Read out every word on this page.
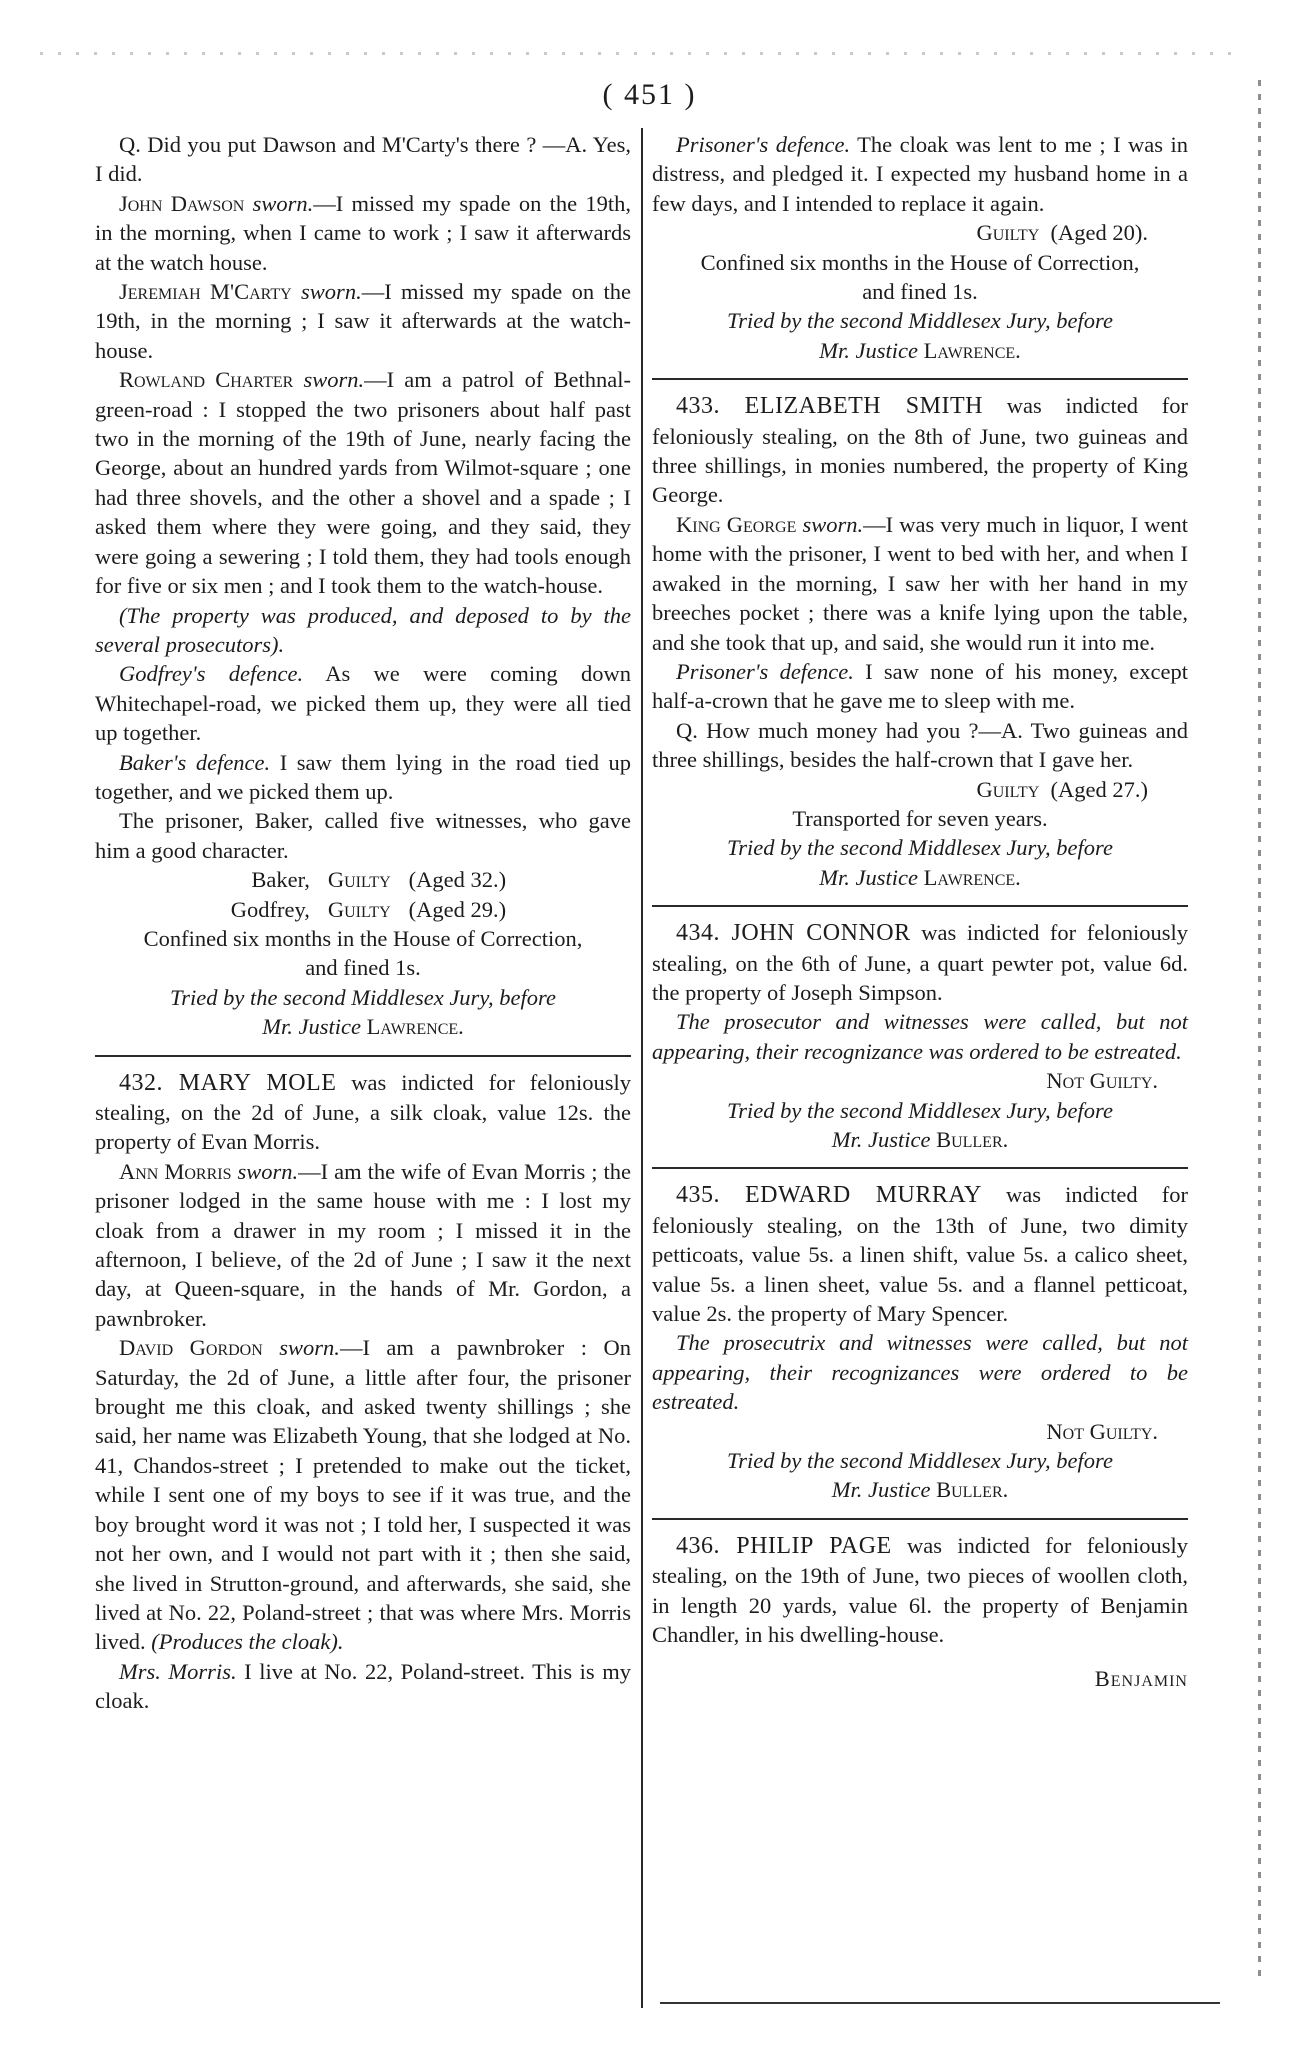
( 451 )

Q. Did you put Dawson and M'Carty's there ? —A. Yes, I did.

John Dawson sworn.—I missed my spade on the 19th, in the morning, when I came to work ; I saw it afterwards at the watch house.

Jeremiah M'Carty sworn.—I missed my spade on the 19th, in the morning ; I saw it afterwards at the watch-house.

Rowland Charter sworn.—I am a patrol of Bethnal-green-road : I stopped the two prisoners about half past two in the morning of the 19th of June, nearly facing the George, about an hundred yards from Wilmot-square ; one had three shovels, and the other a shovel and a spade ; I asked them where they were going, and they said, they were going a sewering ; I told them, they had tools enough for five or six men ; and I took them to the watch-house.

(The property was produced, and deposed to by the several prosecutors).

Godfrey's defence. As we were coming down Whitechapel-road, we picked them up, they were all tied up together.

Baker's defence. I saw them lying in the road tied up together, and we picked them up.

The prisoner, Baker, called five witnesses, who gave him a good character.

Baker, Guilty (Aged 32.)
Godfrey, Guilty (Aged 29.)

Confined six months in the House of Correction,

and fined 1s.

Tried by the second Middlesex Jury, before

Mr. Justice Lawrence.

432. MARY MOLE was indicted for feloniously stealing, on the 2d of June, a silk cloak, value 12s. the property of Evan Morris.

Ann Morris sworn.—I am the wife of Evan Morris ; the prisoner lodged in the same house with me : I lost my cloak from a drawer in my room ; I missed it in the afternoon, I believe, of the 2d of June ; I saw it the next day, at Queen-square, in the hands of Mr. Gordon, a pawnbroker.

David Gordon sworn.—I am a pawnbroker : On Saturday, the 2d of June, a little after four, the prisoner brought me this cloak, and asked twenty shillings ; she said, her name was Elizabeth Young, that she lodged at No. 41, Chandos-street ; I pretended to make out the ticket, while I sent one of my boys to see if it was true, and the boy brought word it was not ; I told her, I suspected it was not her own, and I would not part with it ; then she said, she lived in Strutton-ground, and afterwards, she said, she lived at No. 22, Poland-street ; that was where Mrs. Morris lived. (Produces the cloak).

Mrs. Morris. I live at No. 22, Poland-street. This is my cloak.

Prisoner's defence. The cloak was lent to me ; I was in distress, and pledged it. I expected my husband home in a few days, and I intended to replace it again.

Guilty (Aged 20).

Confined six months in the House of Correction,

and fined 1s.

Tried by the second Middlesex Jury, before

Mr. Justice Lawrence.

433. ELIZABETH SMITH was indicted for feloniously stealing, on the 8th of June, two guineas and three shillings, in monies numbered, the property of King George.

King George sworn.—I was very much in liquor, I went home with the prisoner, I went to bed with her, and when I awaked in the morning, I saw her with her hand in my breeches pocket ; there was a knife lying upon the table, and she took that up, and said, she would run it into me.

Prisoner's defence. I saw none of his money, except half-a-crown that he gave me to sleep with me.

Q. How much money had you ?—A. Two guineas and three shillings, besides the half-crown that I gave her.

Guilty (Aged 27.)

Transported for seven years.

Tried by the second Middlesex Jury, before

Mr. Justice Lawrence.

434. JOHN CONNOR was indicted for feloniously stealing, on the 6th of June, a quart pewter pot, value 6d. the property of Joseph Simpson.

The prosecutor and witnesses were called, but not appearing, their recognizance was ordered to be estreated.

Not Guilty.

Tried by the second Middlesex Jury, before

Mr. Justice Buller.

435. EDWARD MURRAY was indicted for feloniously stealing, on the 13th of June, two dimity petticoats, value 5s. a linen shift, value 5s. a calico sheet, value 5s. a linen sheet, value 5s. and a flannel petticoat, value 2s. the property of Mary Spencer.

The prosecutrix and witnesses were called, but not appearing, their recognizances were ordered to be estreated.

Not Guilty.

Tried by the second Middlesex Jury, before

Mr. Justice Buller.

436. PHILIP PAGE was indicted for feloniously stealing, on the 19th of June, two pieces of woollen cloth, in length 20 yards, value 6l. the property of Benjamin Chandler, in his dwelling-house.

Benjamin
